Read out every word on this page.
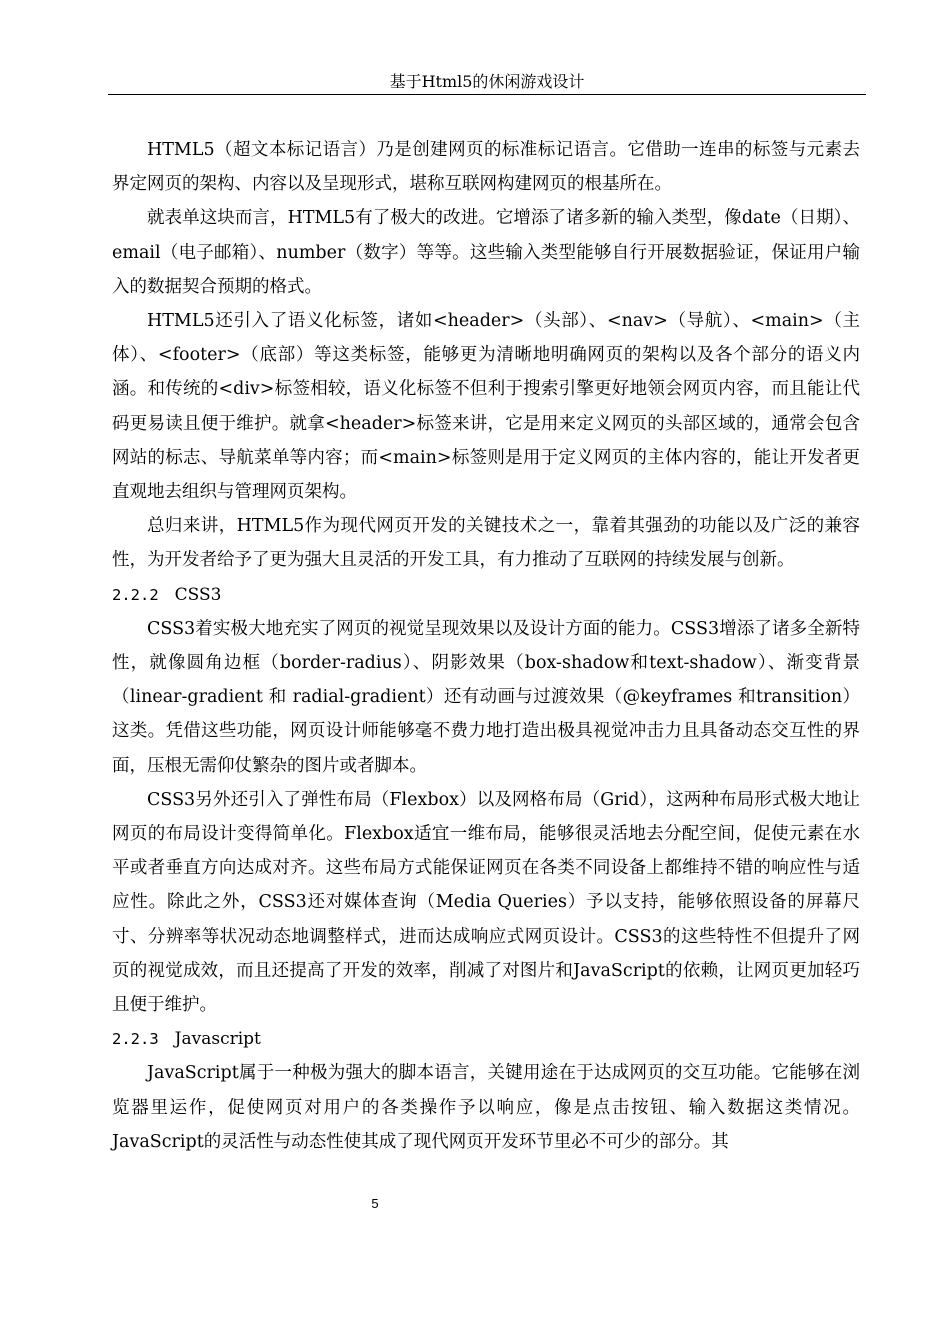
基于Html5的休闲游戏设计

HTML5（超文本标记语言）乃是创建网页的标准标记语言。它借助一连串的标签与元素去界定网页的架构、内容以及呈现形式，堪称互联网构建网页的根基所在。

就表单这块而言，HTML5有了极大的改进。它增添了诸多新的输入类型，像date（日期）、email（电子邮箱）、number（数字）等等。这些输入类型能够自行开展数据验证，保证用户输入的数据契合预期的格式。

HTML5还引入了语义化标签，诸如<header>（头部）、<nav>（导航）、<main>（主体）、<footer>（底部）等这类标签，能够更为清晰地明确网页的架构以及各个部分的语义内涵。和传统的<div>标签相较，语义化标签不但利于搜索引擎更好地领会网页内容，而且能让代码更易读且便于维护。就拿<header>标签来讲，它是用来定义网页的头部区域的，通常会包含网站的标志、导航菜单等内容；而<main>标签则是用于定义网页的主体内容的，能让开发者更直观地去组织与管理网页架构。

总归来讲，HTML5作为现代网页开发的关键技术之一，靠着其强劲的功能以及广泛的兼容性，为开发者给予了更为强大且灵活的开发工具，有力推动了互联网的持续发展与创新。

2.2.2 CSS3

CSS3着实极大地充实了网页的视觉呈现效果以及设计方面的能力。CSS3增添了诸多全新特性，就像圆角边框（border-radius）、阴影效果（box-shadow和text-shadow）、渐变背景（linear-gradient 和 radial-gradient）还有动画与过渡效果（@keyframes 和transition）这类。凭借这些功能，网页设计师能够毫不费力地打造出极具视觉冲击力且具备动态交互性的界面，压根无需仰仗繁杂的图片或者脚本。

CSS3另外还引入了弹性布局（Flexbox）以及网格布局（Grid），这两种布局形式极大地让网页的布局设计变得简单化。Flexbox适宜一维布局，能够很灵活地去分配空间，促使元素在水平或者垂直方向达成对齐。这些布局方式能保证网页在各类不同设备上都维持不错的响应性与适应性。除此之外，CSS3还对媒体查询（Media Queries）予以支持，能够依照设备的屏幕尺寸、分辨率等状况动态地调整样式，进而达成响应式网页设计。CSS3的这些特性不但提升了网页的视觉成效，而且还提高了开发的效率，削减了对图片和JavaScript的依赖，让网页更加轻巧且便于维护。

2.2.3 Javascript

JavaScript属于一种极为强大的脚本语言，关键用途在于达成网页的交互功能。它能够在浏览器里运作，促使网页对用户的各类操作予以响应，像是点击按钮、输入数据这类情况。JavaScript的灵活性与动态性使其成了现代网页开发环节里必不可少的部分。其

5
